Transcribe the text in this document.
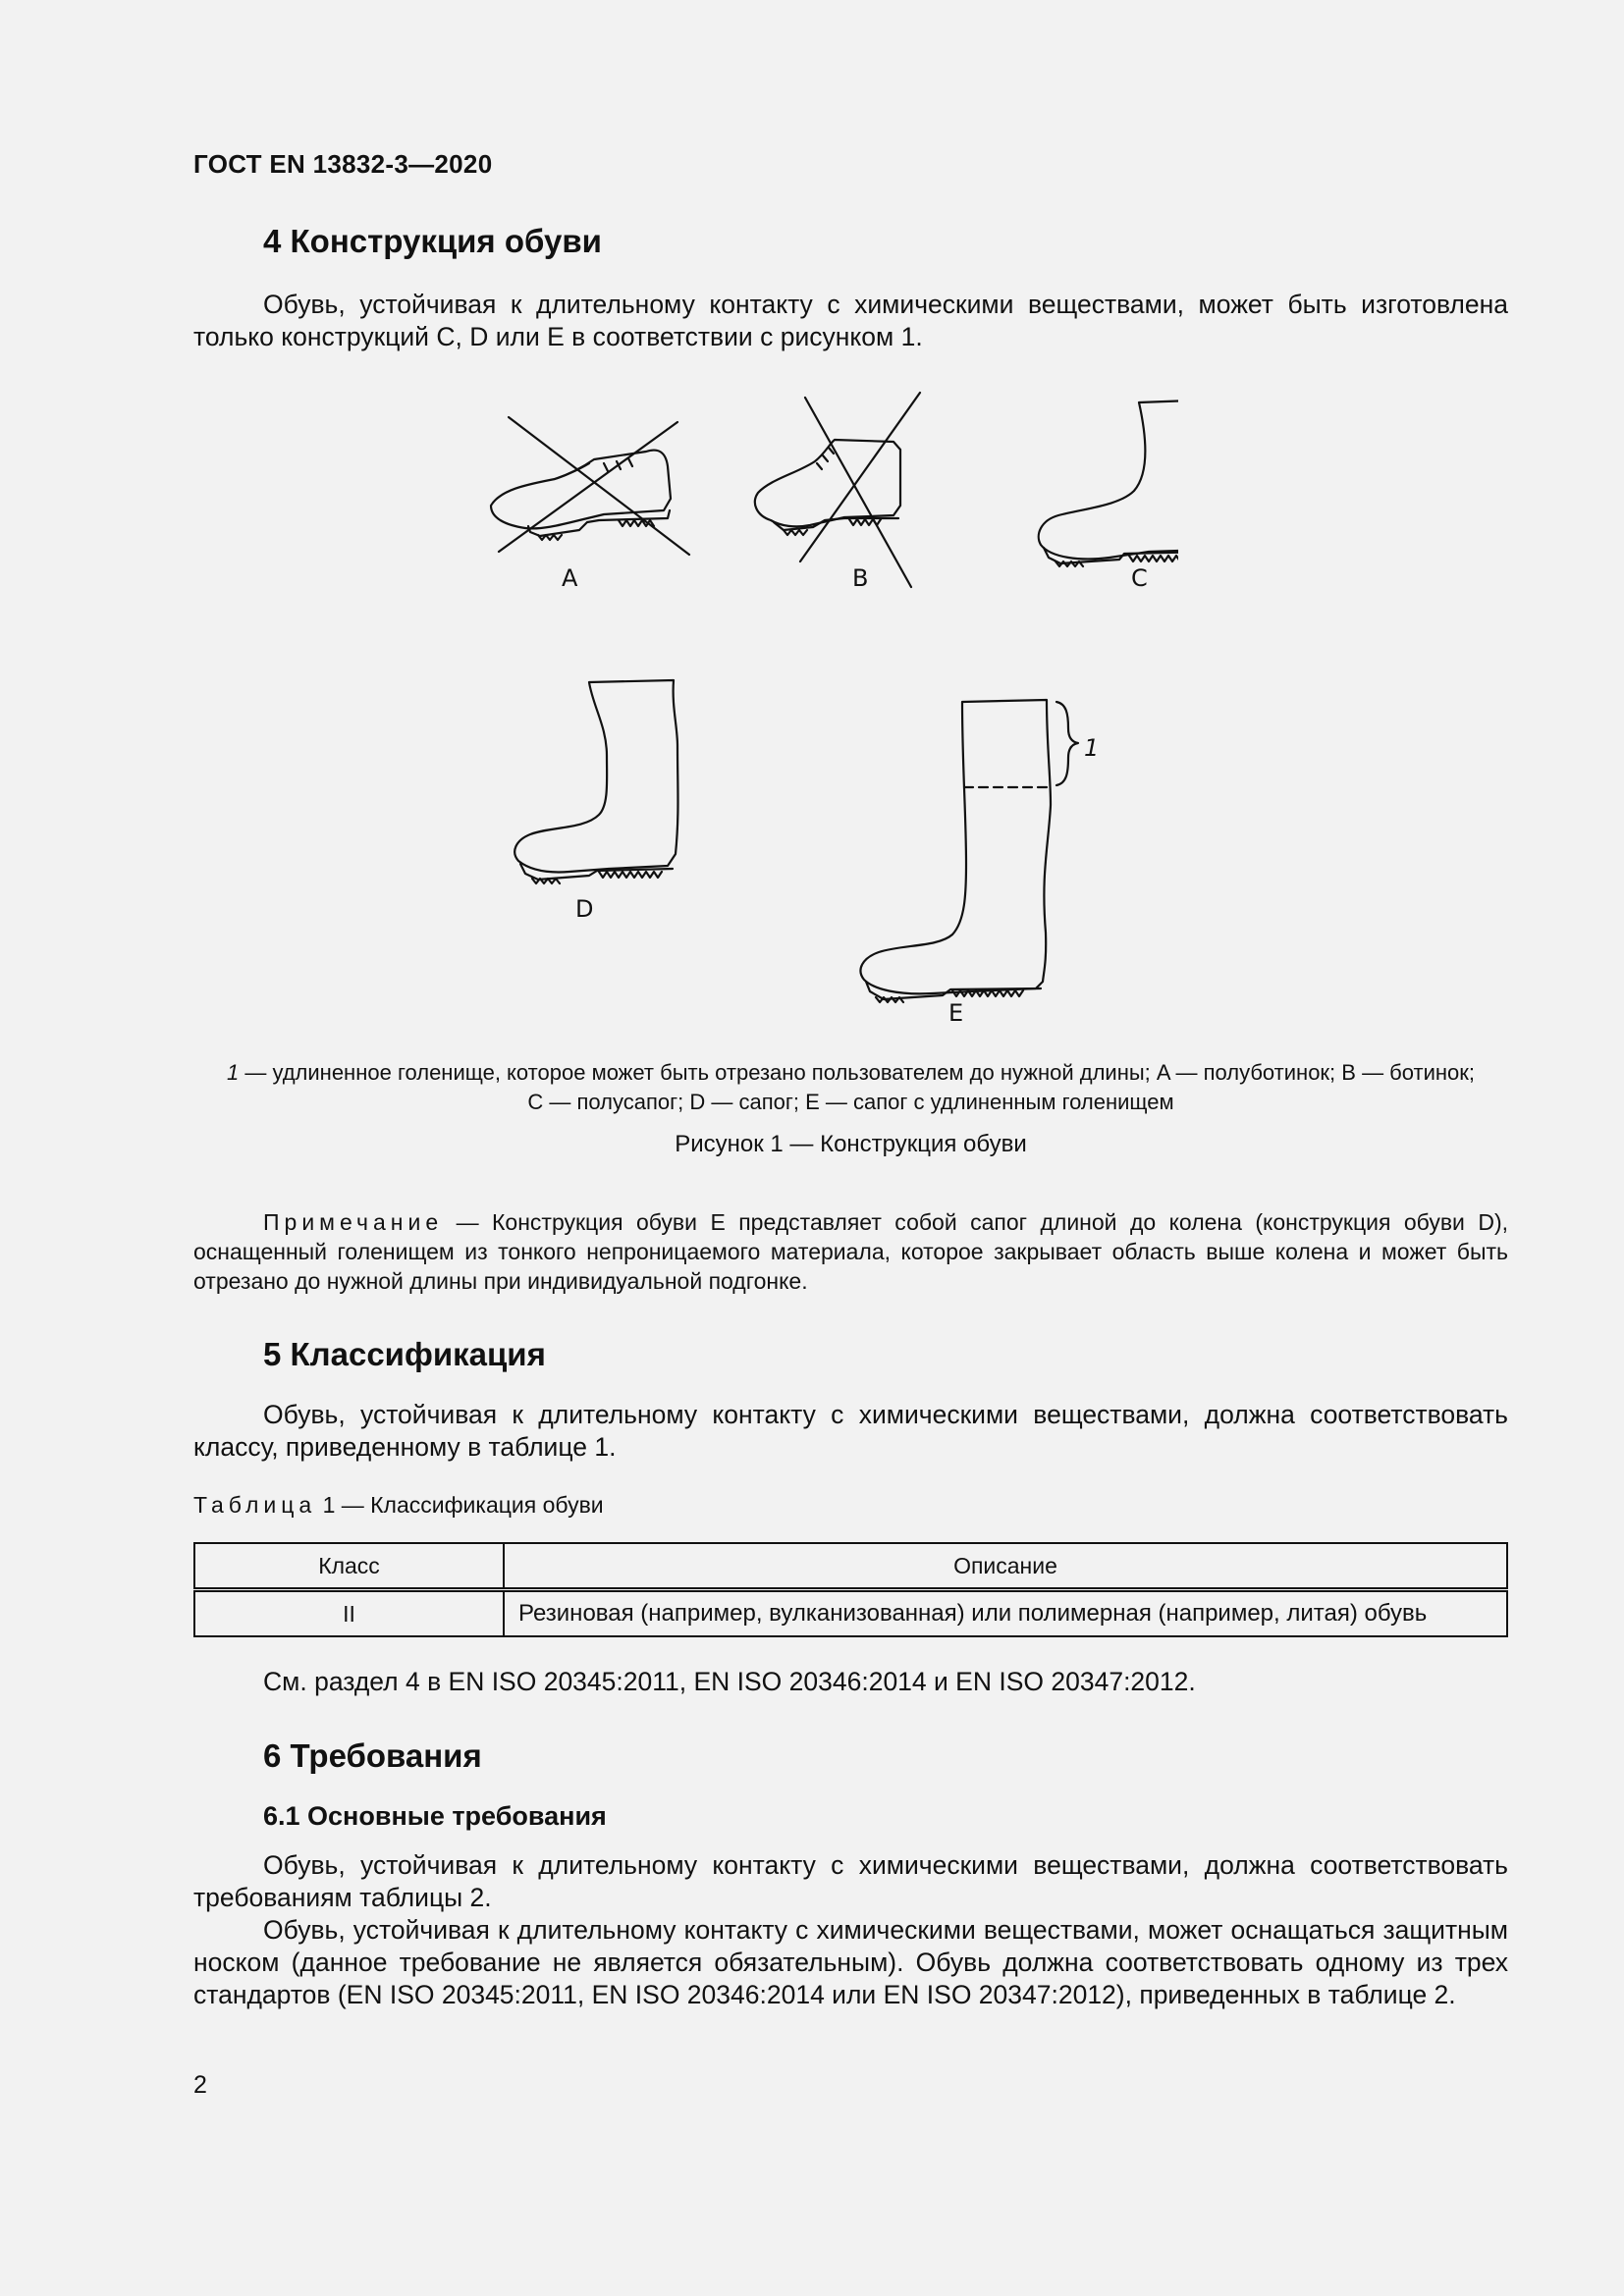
ГОСТ EN 13832-3—2020
4 Конструкция обуви

Обувь, устойчивая к длительному контакту с химическими веществами, может быть изготовлена только конструкций C, D или E в соответствии с рисунком 1.

A	B	C
D
E
1
1 — удлиненное голенище, которое может быть отрезано пользователем до нужной длины; A — полуботинок; B — ботинок;
C — полусапог; D — сапог; E — сапог с удлиненным голенищем
Рисунок 1 — Конструкция обуви

Примечание — Конструкция обуви E представляет собой сапог длиной до колена (конструкция обуви D), оснащенный голенищем из тонкого непроницаемого материала, которое закрывает область выше колена и может быть отрезано до нужной длины при индивидуальной подгонке.

5 Классификация

Обувь, устойчивая к длительному контакту с химическими веществами, должна соответствовать классу, приведенному в таблице 1.

Таблица 1 — Классификация обуви
Класс	Описание
II	Резиновая (например, вулканизованная) или полимерная (например, литая) обувь

См. раздел 4 в EN ISO 20345:2011, EN ISO 20346:2014 и EN ISO 20347:2012.

6 Требования
6.1 Основные требования

Обувь, устойчивая к длительному контакту с химическими веществами, должна соответствовать требованиям таблицы 2.

Обувь, устойчивая к длительному контакту с химическими веществами, может оснащаться защитным носком (данное требование не является обязательным). Обувь должна соответствовать одному из трех стандартов (EN ISO 20345:2011, EN ISO 20346:2014 или EN ISO 20347:2012), приведенных в таблице 2.

2
